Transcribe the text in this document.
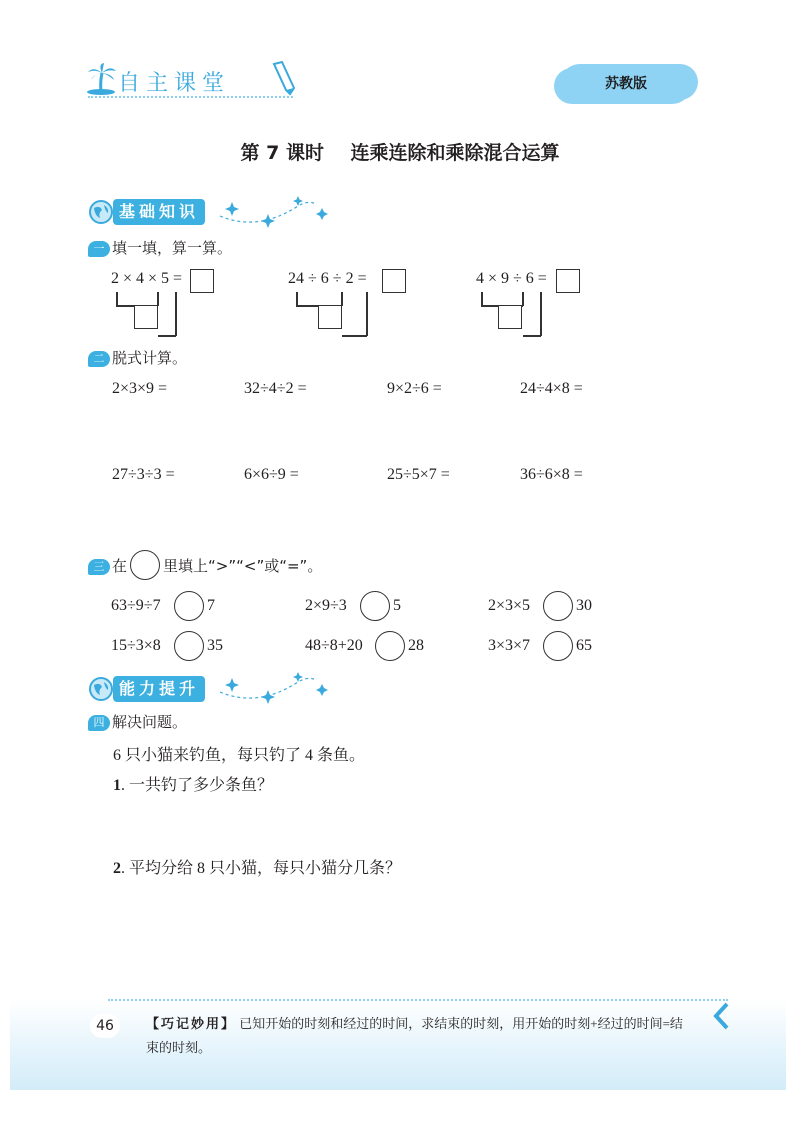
自主课堂	苏教版
第 7 课时    连乘连除和乘除混合运算
基础知识
一 填一填，算一算。
2 × 4 × 5 =	24 ÷ 6 ÷ 2 =	4 × 9 ÷ 6 =
二 脱式计算。
2×3×9 =	32÷4÷2 =	9×2÷6 =	24÷4×8 =
27÷3÷3 =	6×6÷9 =	25÷5×7 =	36÷6×8 =
三 在 里填上“>”“<”或“=”。
63÷9÷7	7	2×9÷3	5	2×3×5	30
15÷3×8	35	48÷8+20	28	3×3×7	65
能力提升
四 解决问题。
6 只小猫来钓鱼，每只钓了 4 条鱼。
1. 一共钓了多少条鱼？
2. 平均分给 8 只小猫，每只小猫分几条？
46	【巧记妙用】 已知开始的时刻和经过的时间，求结束的时刻，用开始的时刻+经过的时间=结束的时刻。
